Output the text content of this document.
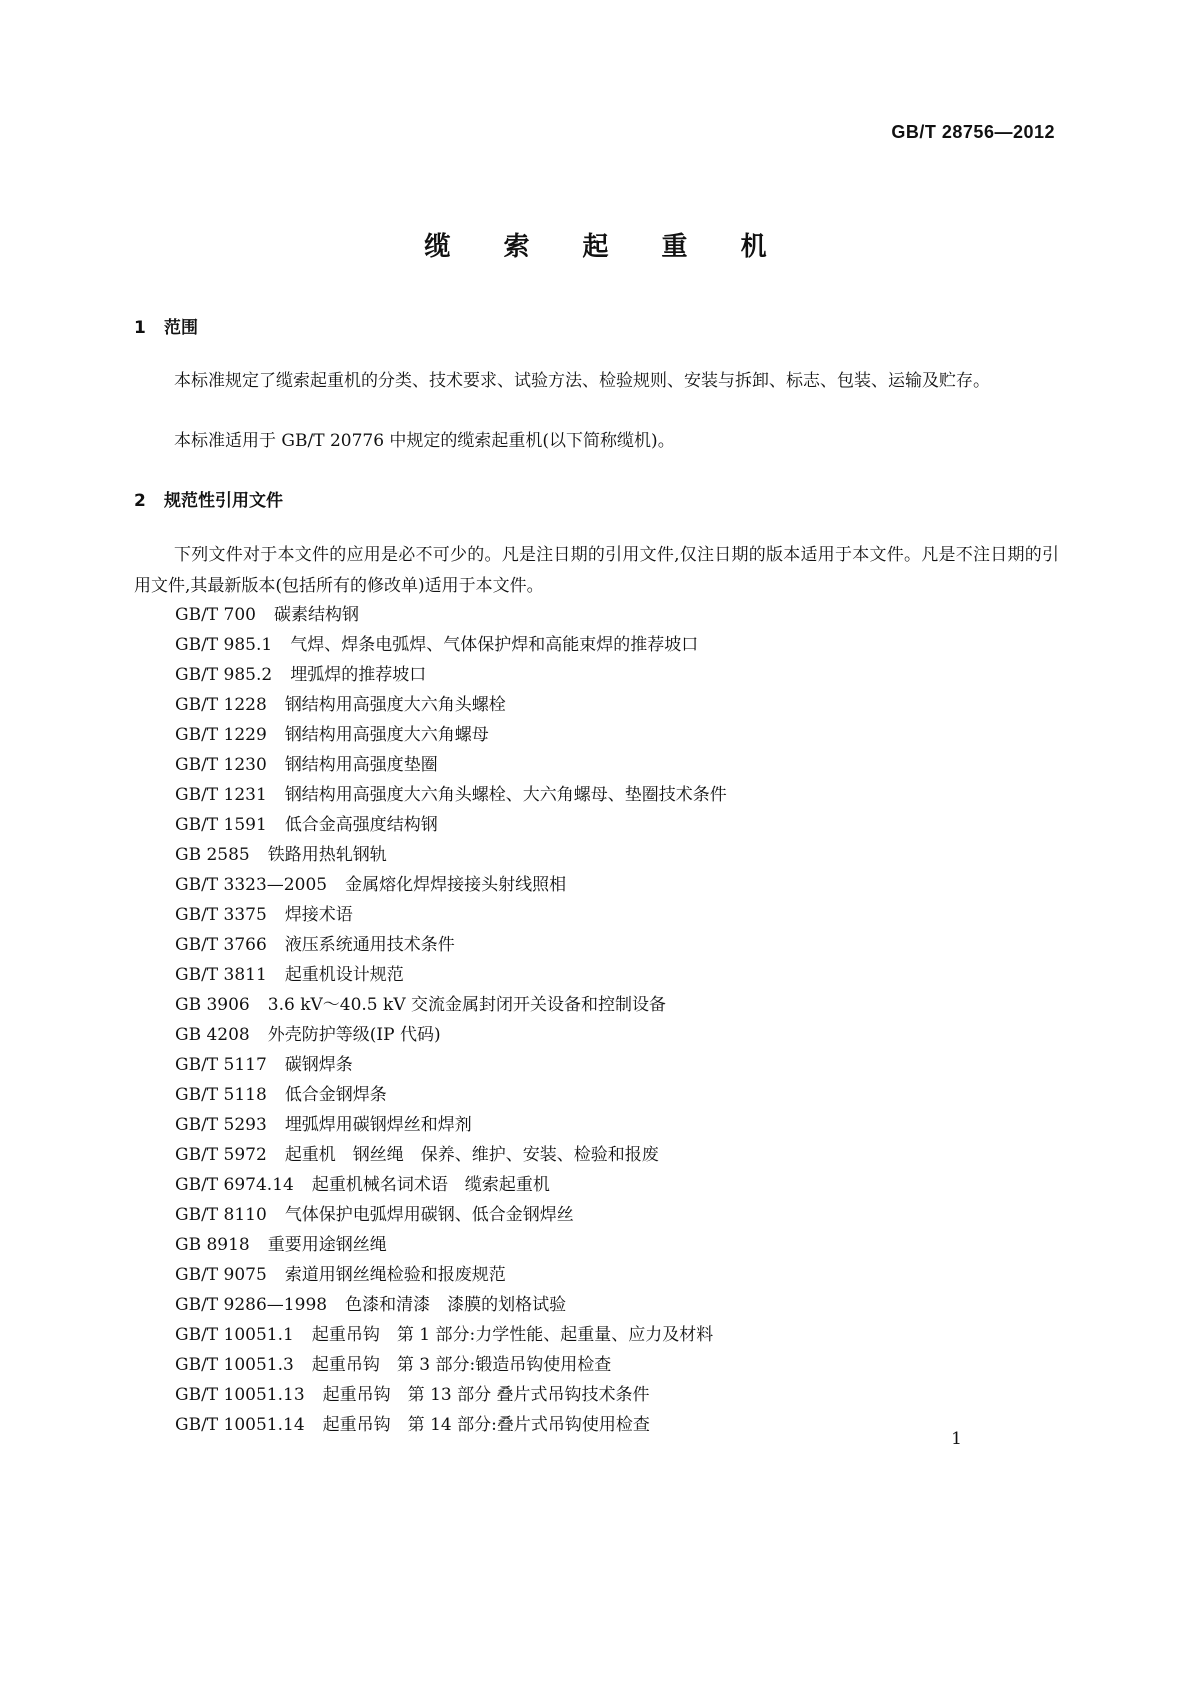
GB/T 28756—2012
缆 索 起 重 机
1 范围

本标准规定了缆索起重机的分类、技术要求、试验方法、检验规则、安装与拆卸、标志、包装、运输及贮存。

本标准适用于 GB/T 20776 中规定的缆索起重机(以下简称缆机)。

2 规范性引用文件

下列文件对于本文件的应用是必不可少的。凡是注日期的引用文件,仅注日期的版本适用于本文件。凡是不注日期的引用文件,其最新版本(包括所有的修改单)适用于本文件。

GB/T 700 碳素结构钢
GB/T 985.1 气焊、焊条电弧焊、气体保护焊和高能束焊的推荐坡口
GB/T 985.2 埋弧焊的推荐坡口
GB/T 1228 钢结构用高强度大六角头螺栓
GB/T 1229 钢结构用高强度大六角螺母
GB/T 1230 钢结构用高强度垫圈
GB/T 1231 钢结构用高强度大六角头螺栓、大六角螺母、垫圈技术条件
GB/T 1591 低合金高强度结构钢
GB 2585 铁路用热轧钢轨
GB/T 3323—2005 金属熔化焊焊接接头射线照相
GB/T 3375 焊接术语
GB/T 3766 液压系统通用技术条件
GB/T 3811 起重机设计规范
GB 3906 3.6 kV～40.5 kV 交流金属封闭开关设备和控制设备
GB 4208 外壳防护等级(IP 代码)
GB/T 5117 碳钢焊条
GB/T 5118 低合金钢焊条
GB/T 5293 埋弧焊用碳钢焊丝和焊剂
GB/T 5972 起重机　钢丝绳　保养、维护、安装、检验和报废
GB/T 6974.14 起重机械名词术语　缆索起重机
GB/T 8110 气体保护电弧焊用碳钢、低合金钢焊丝
GB 8918 重要用途钢丝绳
GB/T 9075 索道用钢丝绳检验和报废规范
GB/T 9286—1998 色漆和清漆　漆膜的划格试验
GB/T 10051.1 起重吊钩　第 1 部分:力学性能、起重量、应力及材料
GB/T 10051.3 起重吊钩　第 3 部分:锻造吊钩使用检查
GB/T 10051.13 起重吊钩　第 13 部分 叠片式吊钩技术条件
GB/T 10051.14 起重吊钩　第 14 部分:叠片式吊钩使用检查
1
